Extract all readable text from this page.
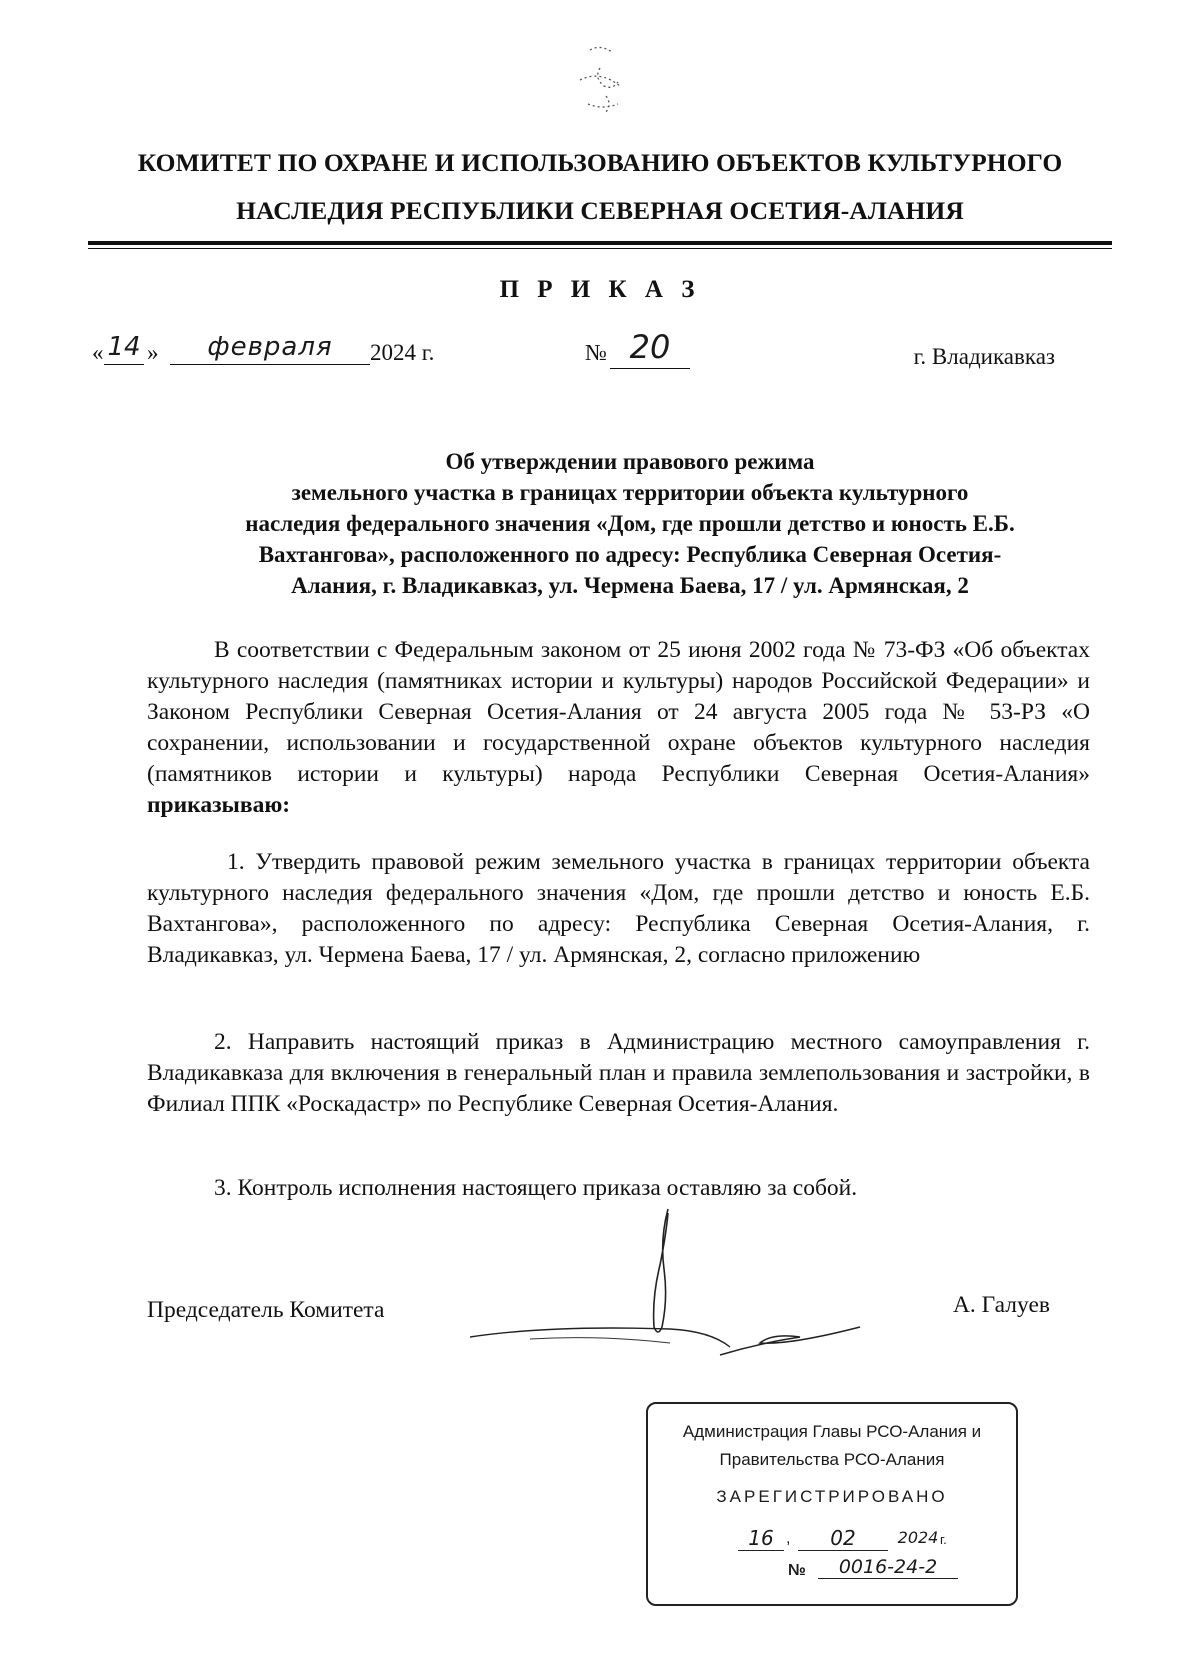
КОМИТЕТ ПО ОХРАНЕ И ИСПОЛЬЗОВАНИЮ ОБЪЕКТОВ КУЛЬТУРНОГО
НАСЛЕДИЯ РЕСПУБЛИКИ СЕВЕРНАЯ ОСЕТИЯ-АЛАНИЯ
П Р И К А З
« 14 »	февраля	2024 г.	№ 20	г. Владикавказ
Об утверждении правового режима
земельного участка в границах территории объекта культурного
наследия федерального значения «Дом, где прошли детство и юность Е.Б.
Вахтангова», расположенного по адресу: Республика Северная Осетия-
Алания, г. Владикавказ, ул. Чермена Баева, 17 / ул. Армянская, 2
В соответствии с Федеральным законом от 25 июня 2002 года № 73-ФЗ «Об объектах культурного наследия (памятниках истории и культуры) народов Российской Федерации» и Законом Республики Северная Осетия-Алания от 24 августа 2005 года № 53-РЗ «О сохранении, использовании и государственной охране объектов культурного наследия (памятников истории и культуры) народа Республики Северная Осетия-Алания» приказываю:
1. Утвердить правовой режим земельного участка в границах территории объекта культурного наследия федерального значения «Дом, где прошли детство и юность Е.Б. Вахтангова», расположенного по адресу: Республика Северная Осетия-Алания, г. Владикавказ, ул. Чермена Баева, 17 / ул. Армянская, 2, согласно приложению
2. Направить настоящий приказ в Администрацию местного самоуправления г. Владикавказа для включения в генеральный план и правила землепользования и застройки, в Филиал ППК «Роскадастр» по Республике Северная Осетия-Алания.
3. Контроль исполнения настоящего приказа оставляю за собой.
Председатель Комитета	А. Галуев
Администрация Главы РСО-Алания и
Правительства РСО-Алания
ЗАРЕГИСТРИРОВАНО
16 ,	02	2024 г.
№	0016-24-2
